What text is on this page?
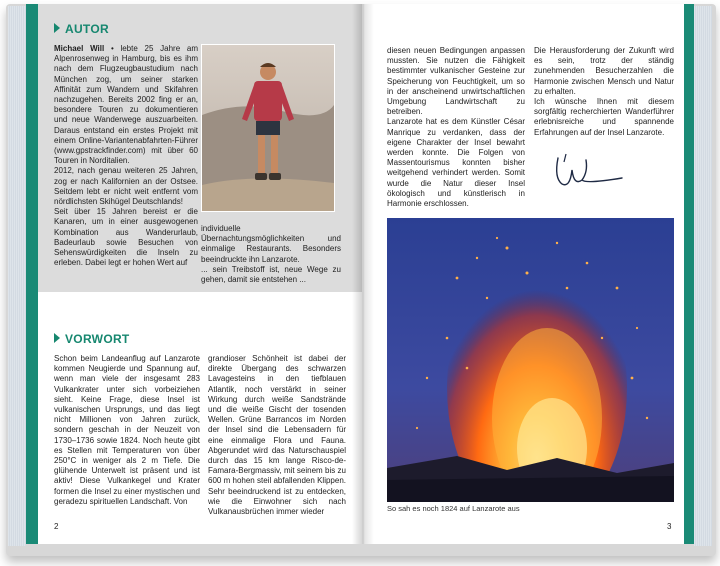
AUTOR

Michael Will • lebte 25 Jahre am Alpenrosenweg in Hamburg, bis es ihm nach dem Flugzeugbaustudium nach München zog, um seiner starken Affinität zum Wandern und Skifahren nachzugehen. Bereits 2002 fing er an, besondere Touren zu dokumentieren und neue Wanderwege auszuarbeiten. Daraus entstand ein erstes Projekt mit einem Online-Variantenabfahrten-Führer (www.gpstrackfinder.com) mit über 60 Touren in Norditalien.

2012, nach genau weiteren 25 Jahren, zog er nach Kalifornien an der Ostsee. Seitdem lebt er nicht weit entfernt vom nördlichsten Skihügel Deutschlands!

Seit über 15 Jahren bereist er die Kanaren, um in einer ausgewogenen Kombination aus Wanderurlaub, Badeurlaub sowie Besuchen von Sehenswürdigkeiten die Inseln zu erleben. Dabei legt er hohen Wert auf

individuelle Übernachtungsmöglichkeiten und einmalige Restaurants. Besonders beeindruckte ihn Lanzarote.

... sein Treibstoff ist, neue Wege zu gehen, damit sie entstehen ...

VORWORT
Schon beim Landeanflug auf Lanzarote kommen Neugierde und Spannung auf, wenn man viele der insgesamt 283 Vulkankrater unter sich vorbeiziehen sieht. Keine Frage, diese Insel ist vulkanischen Ursprungs, und das liegt nicht Millionen von Jahren zurück, sondern geschah in der Neuzeit von 1730–1736 sowie 1824. Noch heute gibt es Stellen mit Temperaturen von über 250°C in weniger als 2 m Tiefe. Die glühende Unterwelt ist präsent und ist aktiv! Diese Vulkankegel und Krater formen die Insel zu einer mystischen und geradezu spirituellen Landschaft. Von
grandioser Schönheit ist dabei der direkte Übergang des schwarzen Lavagesteins in den tiefblauen Atlantik, noch verstärkt in seiner Wirkung durch weiße Sandstrände und die weiße Gischt der tosenden Wellen. Grüne Barrancos im Norden der Insel sind die Lebensadern für eine einmalige Flora und Fauna. Abgerundet wird das Naturschauspiel durch das 15 km lange Risco-de-Famara-Bergmassiv, mit seinem bis zu 600 m hohen steil abfallenden Klippen. Sehr beeindruckend ist zu entdecken, wie die Einwohner sich nach Vulkanausbrüchen immer wieder
2

diesen neuen Bedingungen anpassen mussten. Sie nutzen die Fähigkeit bestimmter vulkanischer Gesteine zur Speicherung von Feuchtigkeit, um so in der anscheinend unwirtschaftlichen Umgebung Landwirtschaft zu betreiben.

Lanzarote hat es dem Künstler César Manrique zu verdanken, dass der eigene Charakter der Insel bewahrt werden konnte. Die Folgen von Massentourismus konnten bisher weitgehend verhindert werden. Somit wurde die Natur dieser Insel ökologisch und künstlerisch in Harmonie erschlossen.

Die Herausforderung der Zukunft wird es sein, trotz der ständig zunehmenden Besucherzahlen die Harmonie zwischen Mensch und Natur zu erhalten.

Ich wünsche Ihnen mit diesem sorgfältig recherchierten Wanderführer erlebnisreiche und spannende Erfahrungen auf der Insel Lanzarote.

So sah es noch 1824 auf Lanzarote aus
3
